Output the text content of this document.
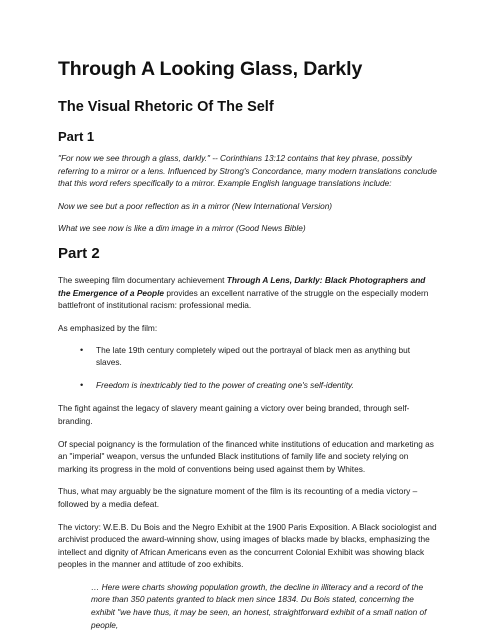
Through A Looking Glass, Darkly
The Visual Rhetoric Of The Self
Part 1

"For now we see through a glass, darkly." -- Corinthians 13:12 contains that key phrase, possibly referring to a mirror or a lens. Influenced by Strong's Concordance, many modern translations conclude that this word refers specifically to a mirror. Example English language translations include:

Now we see but a poor reflection as in a mirror (New International Version)

What we see now is like a dim image in a mirror (Good News Bible)

Part 2

The sweeping film documentary achievement Through A Lens, Darkly: Black Photographers and the Emergence of a People provides an excellent narrative of the struggle on the especially modern battlefront of institutional racism: professional media.

As emphasized by the film:

• The late 19th century completely wiped out the portrayal of black men as anything but slaves.
• Freedom is inextricably tied to the power of creating one's self-identity.

The fight against the legacy of slavery meant gaining a victory over being branded, through self-branding.

Of special poignancy is the formulation of the financed white institutions of education and marketing as an "imperial" weapon, versus the unfunded Black institutions of family life and society relying on marking its progress in the mold of conventions being used against them by Whites.

Thus, what may arguably be the signature moment of the film is its recounting of a media victory – followed by a media defeat.

The victory: W.E.B. Du Bois and the Negro Exhibit at the 1900 Paris Exposition. A Black sociologist and archivist produced the award-winning show, using images of blacks made by blacks, emphasizing the intellect and dignity of African Americans even as the concurrent Colonial Exhibit was showing black peoples in the manner and attitude of zoo exhibits.

… Here were charts showing population growth, the decline in illiteracy and a record of the more than 350 patents granted to black men since 1834. Du Bois stated, concerning the exhibit "we have thus, it may be seen, an honest, straightforward exhibit of a small nation of people,
